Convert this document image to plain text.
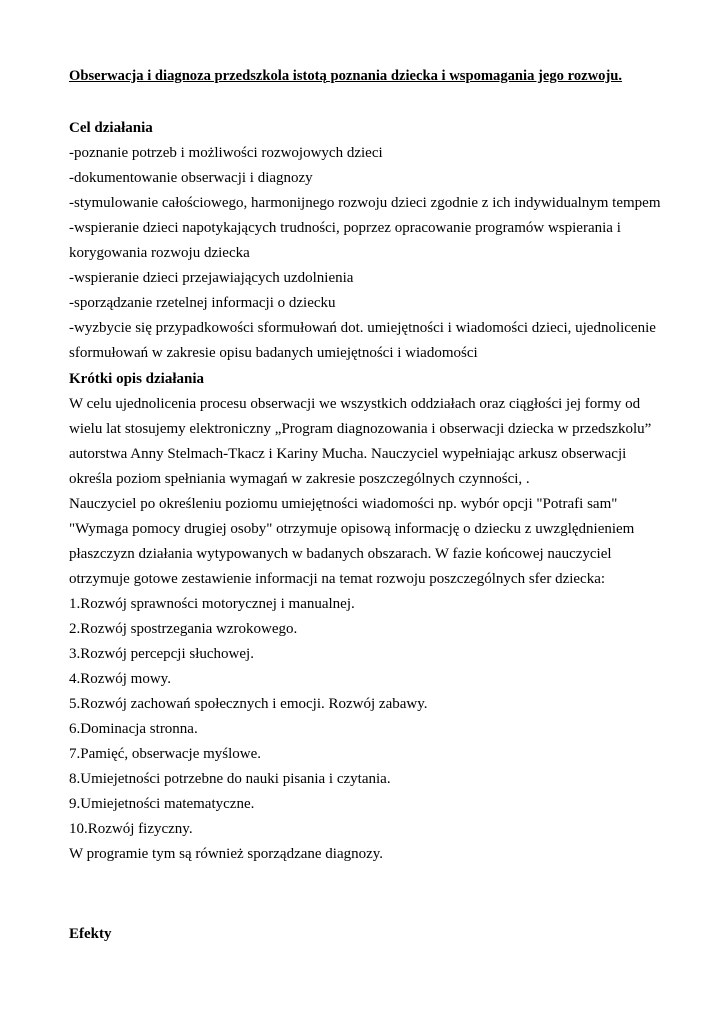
Obserwacja i diagnoza przedszkola istotą poznania dziecka i wspomagania jego rozwoju.

Cel działania
-poznanie potrzeb i możliwości rozwojowych dzieci
-dokumentowanie obserwacji i diagnozy
-stymulowanie całościowego, harmonijnego rozwoju dzieci zgodnie z ich indywidualnym tempem
-wspieranie dzieci napotykających trudności, poprzez opracowanie programów wspierania i
korygowania rozwoju dziecka
-wspieranie dzieci przejawiających uzdolnienia
-sporządzanie rzetelnej informacji o dziecku
-wyzbycie się przypadkowości sformułowań dot. umiejętności i wiadomości dzieci, ujednolicenie
sformułowań w zakresie opisu badanych umiejętności i wiadomości
Krótki opis działania
W celu ujednolicenia procesu obserwacji we wszystkich oddziałach oraz ciągłości jej formy od
wielu lat stosujemy elektroniczny „Program diagnozowania i obserwacji dziecka w przedszkolu”
autorstwa Anny Stelmach-Tkacz i Kariny Mucha. Nauczyciel wypełniając arkusz obserwacji
określa poziom spełniania wymagań w zakresie poszczególnych czynności, .
Nauczyciel po określeniu poziomu umiejętności wiadomości np. wybór opcji "Potrafi sam"
"Wymaga pomocy drugiej osoby" otrzymuje opisową informację o dziecku z uwzględnieniem
płaszczyzn działania wytypowanych w badanych obszarach. W fazie końcowej nauczyciel
otrzymuje gotowe zestawienie informacji na temat rozwoju poszczególnych sfer dziecka:
1.Rozwój sprawności motorycznej i manualnej.
2.Rozwój spostrzegania wzrokowego.
3.Rozwój percepcji słuchowej.
4.Rozwój mowy.
5.Rozwój zachowań społecznych i emocji. Rozwój zabawy.
6.Dominacja stronna.
7.Pamięć, obserwacje myślowe.
8.Umiejetności potrzebne do nauki pisania i czytania.
9.Umiejetności matematyczne.
10.Rozwój fizyczny.
W programie tym są również sporządzane diagnozy.

Efekty
